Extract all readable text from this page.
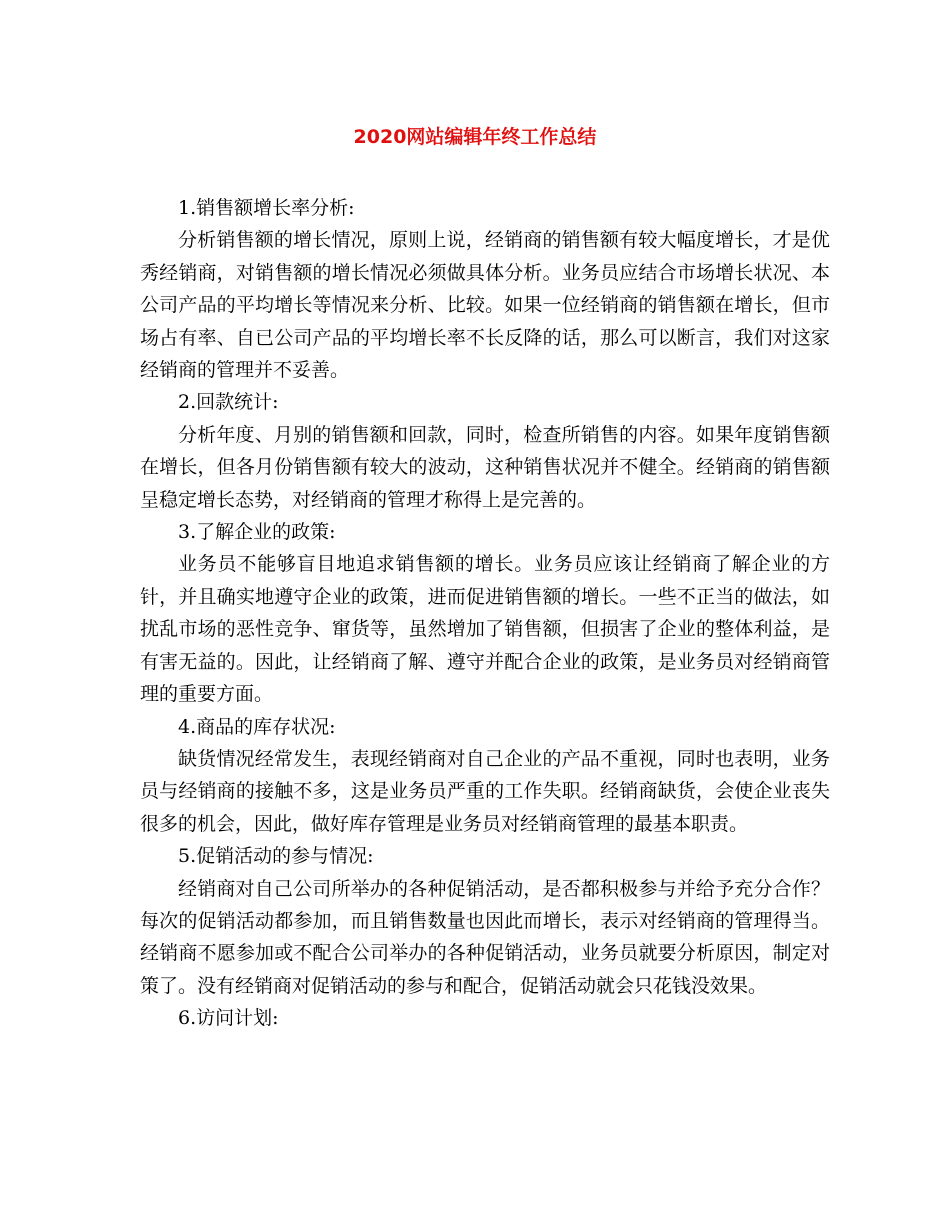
2020网站编辑年终工作总结

1.销售额增长率分析:

分析销售额的增长情况，原则上说，经销商的销售额有较大幅度增长，才是优秀经销商，对销售额的增长情况必须做具体分析。业务员应结合市场增长状况、本公司产品的平均增长等情况来分析、比较。如果一位经销商的销售额在增长，但市场占有率、自已公司产品的平均增长率不长反降的话，那么可以断言，我们对这家经销商的管理并不妥善。

2.回款统计:

分析年度、月别的销售额和回款，同时，检查所销售的内容。如果年度销售额在增长，但各月份销售额有较大的波动，这种销售状况并不健全。经销商的销售额呈稳定增长态势，对经销商的管理才称得上是完善的。

3.了解企业的政策:

业务员不能够盲目地追求销售额的增长。业务员应该让经销商了解企业的方针，并且确实地遵守企业的政策，进而促进销售额的增长。一些不正当的做法，如扰乱市场的恶性竞争、窜货等，虽然增加了销售额，但损害了企业的整体利益，是有害无益的。因此，让经销商了解、遵守并配合企业的政策，是业务员对经销商管理的重要方面。

4.商品的库存状况:

缺货情况经常发生，表现经销商对自己企业的产品不重视，同时也表明，业务员与经销商的接触不多，这是业务员严重的工作失职。经销商缺货，会使企业丧失很多的机会，因此，做好库存管理是业务员对经销商管理的最基本职责。

5.促销活动的参与情况:

经销商对自己公司所举办的各种促销活动，是否都积极参与并给予充分合作？每次的促销活动都参加，而且销售数量也因此而增长，表示对经销商的管理得当。经销商不愿参加或不配合公司举办的各种促销活动，业务员就要分析原因，制定对策了。没有经销商对促销活动的参与和配合，促销活动就会只花钱没效果。

6.访问计划:
